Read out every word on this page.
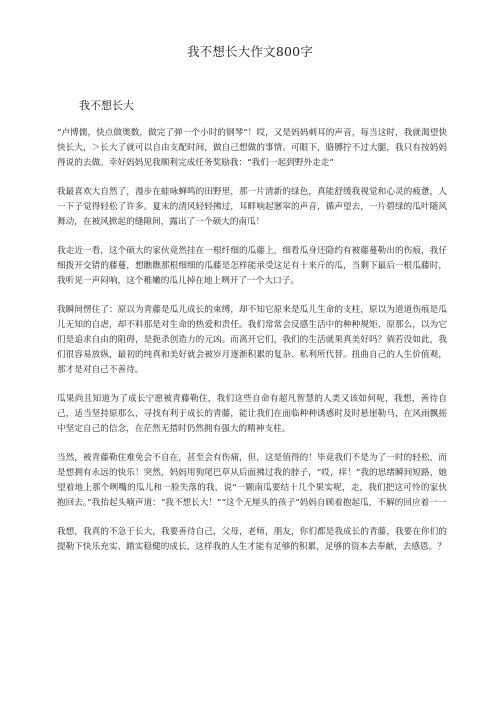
我不想长大作文800字
我不想长大

“卢博儒，快点做奥数，做完了弹一个小时的钢琴”！哎，又是妈妈刺耳的声音，每当这时，我就渴望快快长大，＞长大了就可以自由支配时间，做自己想做的事情。可眼下，胳膊拧不过大腿，我只有按妈妈得说的去做。幸好妈妈见我顺利完成任务奖励我：“我们一起到野外走走”

我最喜欢大自然了，漫步在蛙咏蝉鸣的田野里，那一片清新的绿色，真能舒缓我视觉和心灵的疲惫，人一下子觉得轻松了许多。夏末的清风轻轻拂过，耳畔响起窸窣的声音，循声望去，一片碧绿的瓜叶随风舞动，在被风掀起的缝隙间，露出了一个硕大的南瓜！

我走近一看，这个硕大的家伙竟然挂在一根纤细的瓜藤上，细看瓜身还隐约有被藤蔓勒出的伤痕，我仔细拨开交错的藤蔓，想瞧瞧那根细细的瓜藤是怎样能承受这足有十来斤的瓜，当剩下最后一根瓜藤时，我听见一声闷响，这个稚嫩的瓜儿掉在地上咧开了一个大口子。

我瞬间愣住了：原以为青藤是瓜儿成长的束缚，却不知它原来是瓜儿生命的支柱，原以为道道伤痕是瓜儿无知的自虐，却不料那是对生命的热爱和责任。我们常常会反感生活中的种种规矩、原那么，以为它们是追求自由的阻碍，是扼杀创造力的元凶。而离开它们，我们的生活就果真美好吗？倘若没如此，我们很容易放纵，最初的纯真和美好就会被岁月逐渐积累的复杂、私利所代替。扭曲自己的人生价值观，那才是对自己不善待。

瓜果尚且知道为了成长宁愿被青藤勒住，我们这些自命有超凡智慧的人类又该如何呢，我想，善待自己，适当坚持原那么，寻找有利于成长的青藤，能让我们在面临种种诱惑时及时悬崖勒马，在风雨飘摇中坚定自己的信念，在茫然无措时仍然拥有强大的精神支柱。

当然，被青藤勒住难免会不自在，甚至会有伤痛，但，这是值得的！毕竟我们不是为了一时的轻松，而是想拥有永远的快乐！突然，妈妈用狗尾巴草从后面拂过我的脖子，“哎，痒！”我的思绪瞬间短路，她望着地上那个咧嘴的瓜儿和一脸失落的我，说“一颗南瓜要结十几个果实呢，走，我们把这可怜的家伙抱回去。”我抬起头喃声道：“我不想长大！”“这个无厘头的孩子”妈妈自顾着抱起瓜，不解的回应着一一

我想，我真的不急于长大，我要善待自己，父母，老师，朋友，你们都是我成长的青藤，我要在你们的提勒下快乐充实、踏实稳健的成长，这样我的人生才能有足够的积累，足够的资本去奉献，去感恩。？
